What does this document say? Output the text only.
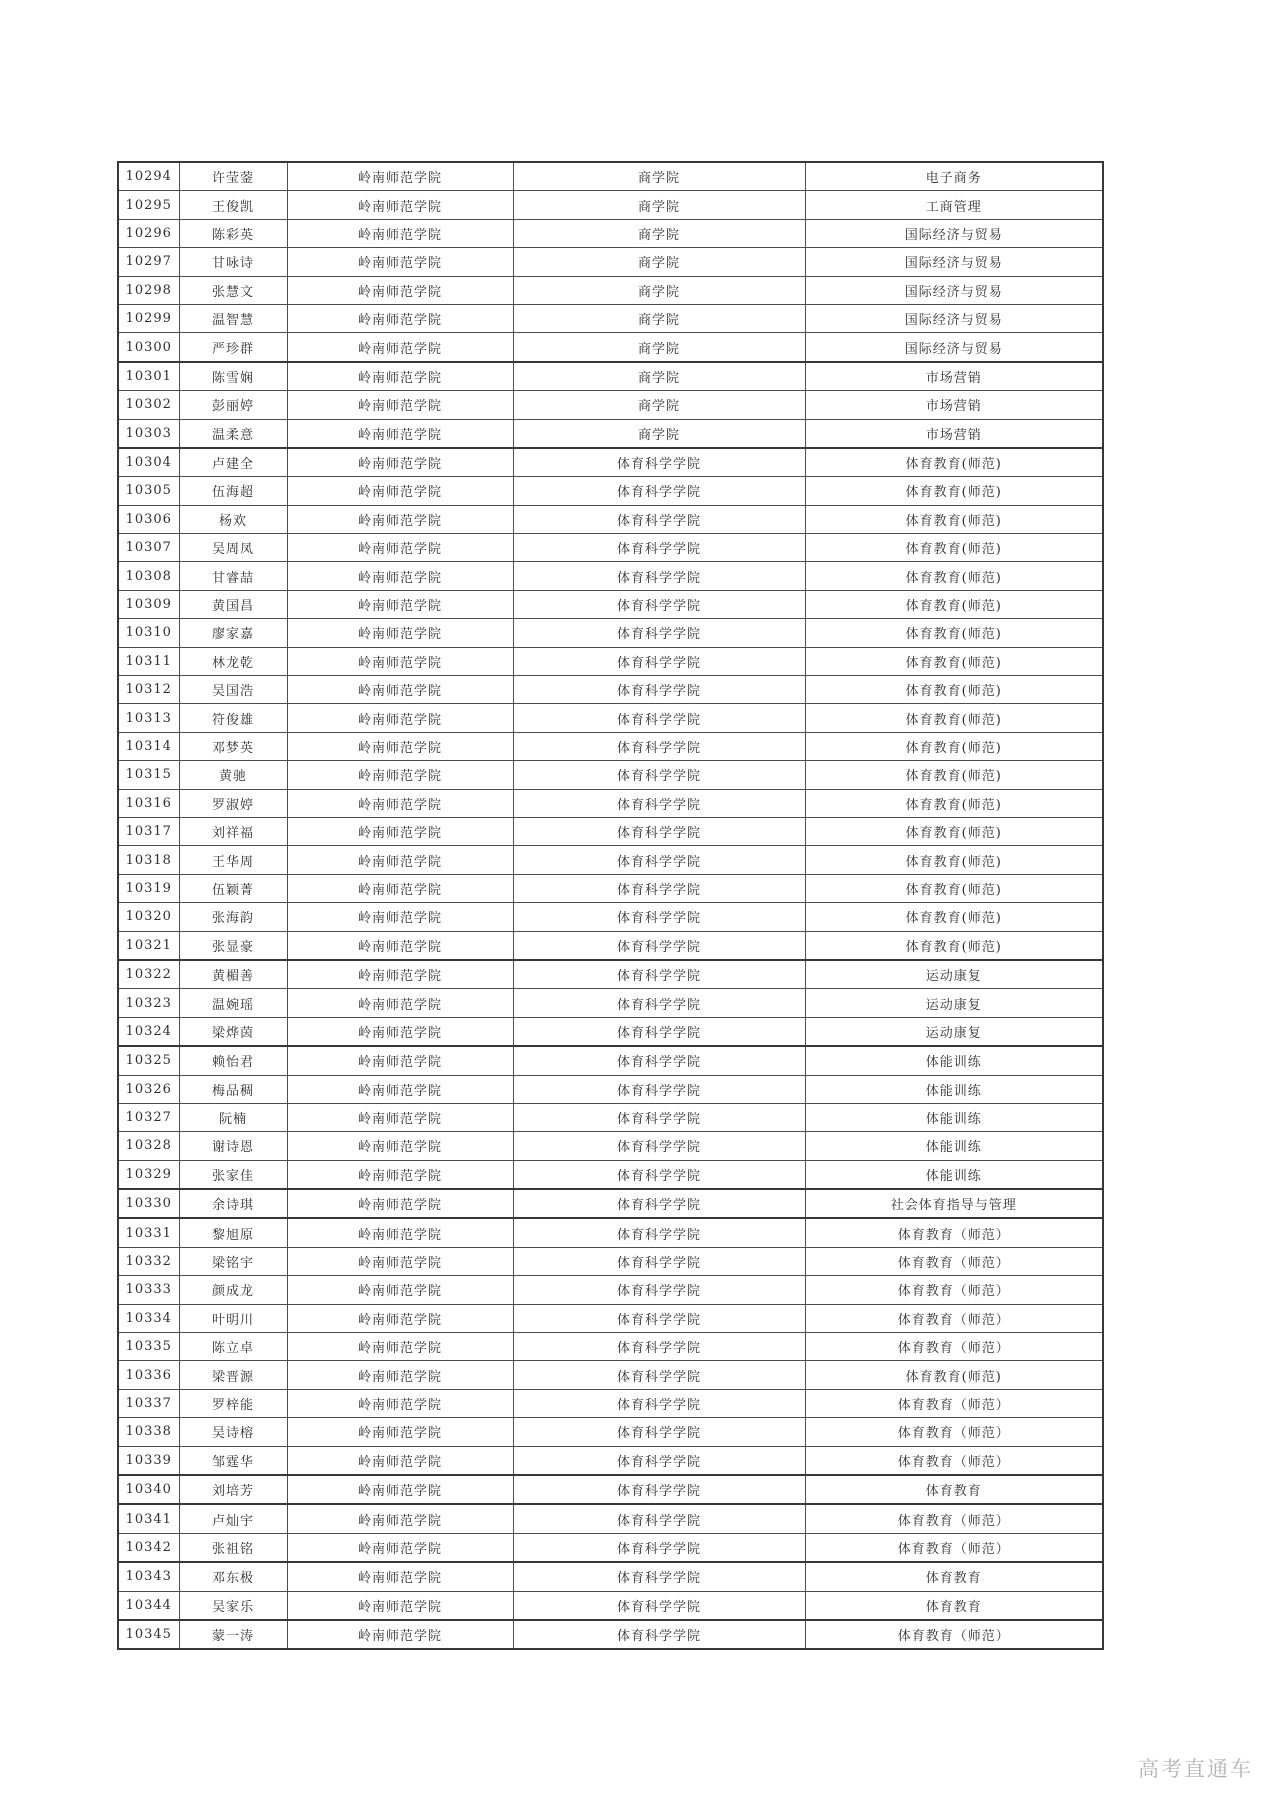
10294	许莹蓥	岭南师范学院	商学院	电子商务
10295	王俊凯	岭南师范学院	商学院	工商管理
10296	陈彩英	岭南师范学院	商学院	国际经济与贸易
10297	甘咏诗	岭南师范学院	商学院	国际经济与贸易
10298	张慧文	岭南师范学院	商学院	国际经济与贸易
10299	温智慧	岭南师范学院	商学院	国际经济与贸易
10300	严珍群	岭南师范学院	商学院	国际经济与贸易
10301	陈雪娴	岭南师范学院	商学院	市场营销
10302	彭丽婷	岭南师范学院	商学院	市场营销
10303	温柔意	岭南师范学院	商学院	市场营销
10304	卢建全	岭南师范学院	体育科学学院	体育教育(师范)
10305	伍海超	岭南师范学院	体育科学学院	体育教育(师范)
10306	杨欢	岭南师范学院	体育科学学院	体育教育(师范)
10307	吴周凤	岭南师范学院	体育科学学院	体育教育(师范)
10308	甘睿喆	岭南师范学院	体育科学学院	体育教育(师范)
10309	黄国昌	岭南师范学院	体育科学学院	体育教育(师范)
10310	廖家嘉	岭南师范学院	体育科学学院	体育教育(师范)
10311	林龙乾	岭南师范学院	体育科学学院	体育教育(师范)
10312	吴国浩	岭南师范学院	体育科学学院	体育教育(师范)
10313	符俊雄	岭南师范学院	体育科学学院	体育教育(师范)
10314	邓梦英	岭南师范学院	体育科学学院	体育教育(师范)
10315	黄驰	岭南师范学院	体育科学学院	体育教育(师范)
10316	罗淑婷	岭南师范学院	体育科学学院	体育教育(师范)
10317	刘祥福	岭南师范学院	体育科学学院	体育教育(师范)
10318	王华周	岭南师范学院	体育科学学院	体育教育(师范)
10319	伍颖菁	岭南师范学院	体育科学学院	体育教育(师范)
10320	张海韵	岭南师范学院	体育科学学院	体育教育(师范)
10321	张显豪	岭南师范学院	体育科学学院	体育教育(师范)
10322	黄楣善	岭南师范学院	体育科学学院	运动康复
10323	温婉瑶	岭南师范学院	体育科学学院	运动康复
10324	梁烨茵	岭南师范学院	体育科学学院	运动康复
10325	赖怡君	岭南师范学院	体育科学学院	体能训练
10326	梅品稠	岭南师范学院	体育科学学院	体能训练
10327	阮楠	岭南师范学院	体育科学学院	体能训练
10328	谢诗恩	岭南师范学院	体育科学学院	体能训练
10329	张家佳	岭南师范学院	体育科学学院	体能训练
10330	余诗琪	岭南师范学院	体育科学学院	社会体育指导与管理
10331	黎旭原	岭南师范学院	体育科学学院	体育教育（师范）
10332	梁铭宇	岭南师范学院	体育科学学院	体育教育（师范）
10333	颜成龙	岭南师范学院	体育科学学院	体育教育（师范）
10334	叶明川	岭南师范学院	体育科学学院	体育教育（师范）
10335	陈立卓	岭南师范学院	体育科学学院	体育教育（师范）
10336	梁晋源	岭南师范学院	体育科学学院	体育教育(师范)
10337	罗梓能	岭南师范学院	体育科学学院	体育教育（师范）
10338	吴诗榕	岭南师范学院	体育科学学院	体育教育（师范）
10339	邹霆华	岭南师范学院	体育科学学院	体育教育（师范）
10340	刘培芳	岭南师范学院	体育科学学院	体育教育
10341	卢灿宇	岭南师范学院	体育科学学院	体育教育（师范）
10342	张祖铭	岭南师范学院	体育科学学院	体育教育（师范）
10343	邓东极	岭南师范学院	体育科学学院	体育教育
10344	吴家乐	岭南师范学院	体育科学学院	体育教育
10345	蒙一涛	岭南师范学院	体育科学学院	体育教育（师范）
高考直通车
